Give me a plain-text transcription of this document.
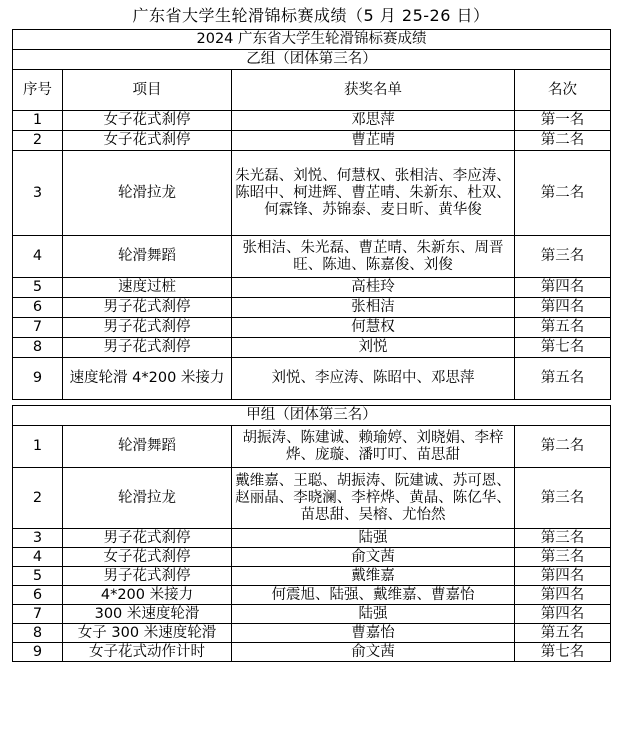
广东省大学生轮滑锦标赛成绩（5 月 25-26 日）
2024 广东省大学生轮滑锦标赛成绩			
乙组（团体第三名）			
序号	项目	获奖名单	名次
1	女子花式刹停	邓思萍	第一名
2	女子花式刹停	曹芷晴	第二名
3	轮滑拉龙	朱光磊、刘悦、何慧权、张相洁、李应涛、陈昭中、柯进辉、曹芷晴、朱新东、杜双、何霖锋、苏锦泰、麦日昕、黄华俊	第二名
4	轮滑舞蹈	张相洁、朱光磊、曹芷晴、朱新东、周晋旺、陈迪、陈嘉俊、刘俊	第三名
5	速度过桩	高桂玲	第四名
6	男子花式刹停	张相洁	第四名
7	男子花式刹停	何慧权	第五名
8	男子花式刹停	刘悦	第七名
9	速度轮滑 4*200 米接力	刘悦、李应涛、陈昭中、邓思萍	第五名

甲组（团体第三名）			
1	轮滑舞蹈	胡振涛、陈建诚、赖瑜婷、刘晓娟、李梓烨、庞璇、潘叮叮、苗思甜	第二名
2	轮滑拉龙	戴维嘉、王聪、胡振涛、阮建诚、苏可恩、赵丽晶、李晓澜、李梓烨、黄晶、陈亿华、苗思甜、吴榕、尤怡然	第三名
3	男子花式刹停	陆强	第三名
4	女子花式刹停	俞文茜	第三名
5	男子花式刹停	戴维嘉	第四名
6	4*200 米接力	何震旭、陆强、戴维嘉、曹嘉怡	第四名
7	300 米速度轮滑	陆强	第四名
8	女子 300 米速度轮滑	曹嘉怡	第五名
9	女子花式动作计时	俞文茜	第七名
